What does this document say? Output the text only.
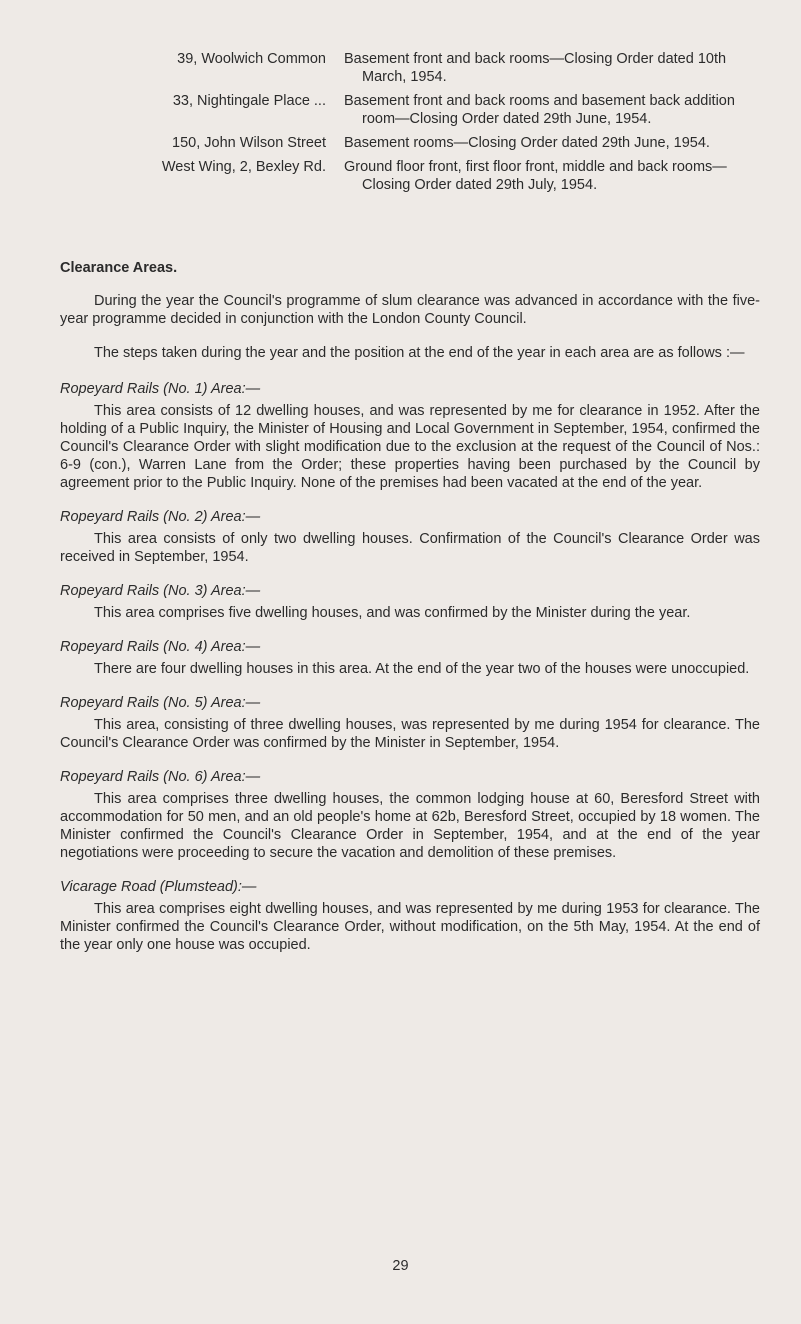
39, Woolwich Common	Basement front and back rooms—Closing Order dated 10th March, 1954.
33, Nightingale Place ...	Basement front and back rooms and basement back addition room—Closing Order dated 29th June, 1954.
150, John Wilson Street	Basement rooms—Closing Order dated 29th June, 1954.
West Wing, 2, Bexley Rd.	Ground floor front, first floor front, middle and back rooms—Closing Order dated 29th July, 1954.
Clearance Areas.

During the year the Council's programme of slum clearance was advanced in accordance with the five-year programme decided in conjunction with the London County Council.

The steps taken during the year and the position at the end of the year in each area are as follows :—

Ropeyard Rails (No. 1) Area:—

This area consists of 12 dwelling houses, and was represented by me for clearance in 1952. After the holding of a Public Inquiry, the Minister of Housing and Local Government in September, 1954, confirmed the Council's Clearance Order with slight modification due to the exclusion at the request of the Council of Nos.: 6-9 (con.), Warren Lane from the Order; these properties having been purchased by the Council by agreement prior to the Public Inquiry. None of the premises had been vacated at the end of the year.

Ropeyard Rails (No. 2) Area:—

This area consists of only two dwelling houses. Confirmation of the Council's Clearance Order was received in September, 1954.

Ropeyard Rails (No. 3) Area:—

This area comprises five dwelling houses, and was confirmed by the Minister during the year.

Ropeyard Rails (No. 4) Area:—

There are four dwelling houses in this area. At the end of the year two of the houses were unoccupied.

Ropeyard Rails (No. 5) Area:—

This area, consisting of three dwelling houses, was represented by me during 1954 for clearance. The Council's Clearance Order was confirmed by the Minister in September, 1954.

Ropeyard Rails (No. 6) Area:—

This area comprises three dwelling houses, the common lodging house at 60, Beresford Street with accommodation for 50 men, and an old people's home at 62b, Beresford Street, occupied by 18 women. The Minister confirmed the Council's Clearance Order in September, 1954, and at the end of the year negotiations were proceeding to secure the vacation and demolition of these premises.

Vicarage Road (Plumstead):—

This area comprises eight dwelling houses, and was represented by me during 1953 for clearance. The Minister confirmed the Council's Clearance Order, without modification, on the 5th May, 1954. At the end of the year only one house was occupied.

29
